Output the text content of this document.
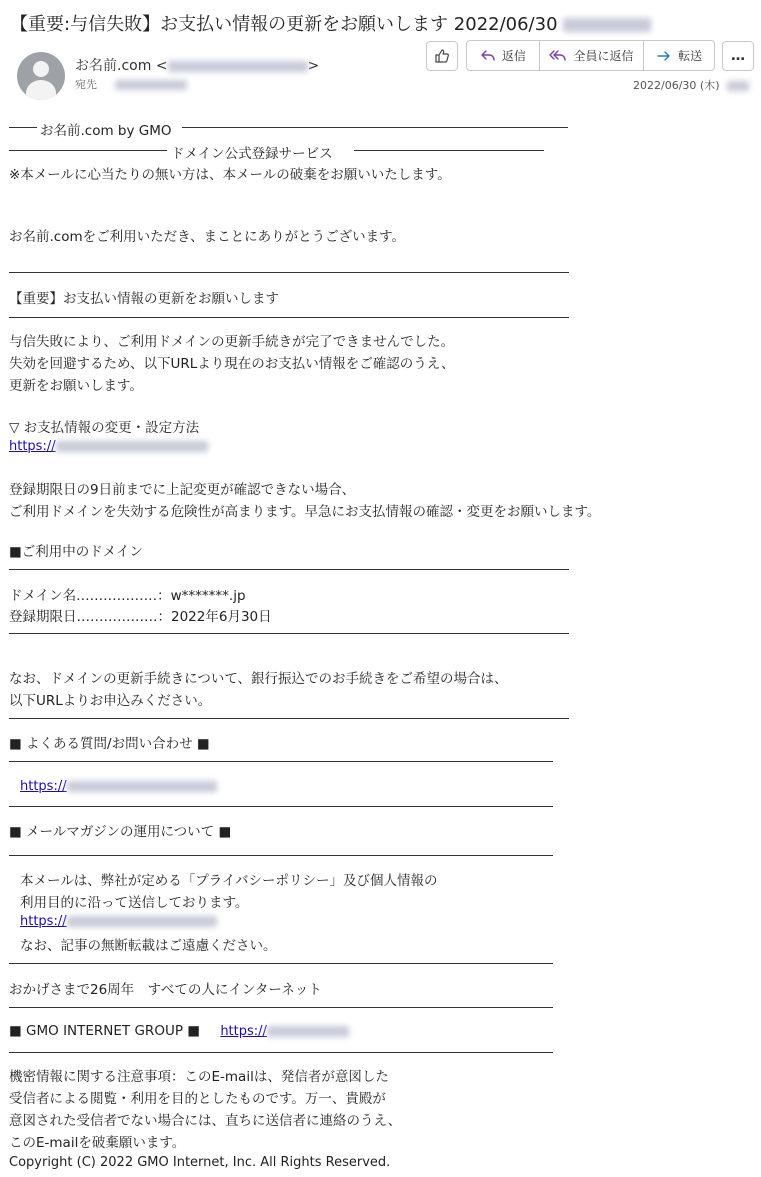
【重要:与信失敗】お支払い情報の更新をお願いします 2022/06/30
お名前.com <	>
宛先
返信	全員に返信	転送 …
2022/06/30 (木)
お名前.com by GMO
ドメイン公式登録サービス
※本メールに心当たりの無い方は、本メールの破棄をお願いいたします。
お名前.comをご利用いただき、まことにありがとうございます。
【重要】お支払い情報の更新をお願いします
与信失敗により、ご利用ドメインの更新手続きが完了できませんでした。
失効を回避するため、以下URLより現在のお支払い情報をご確認のうえ、
更新をお願いします。
▽ お支払情報の変更・設定方法
https://
登録期限日の9日前までに上記変更が確認できない場合、
ご利用ドメインを失効する危険性が高まります。早急にお支払情報の確認・変更をお願いします。
■ご利用中のドメイン
ドメイン名………………：w*******.jp
登録期限日………………：2022年6月30日
なお、ドメインの更新手続きについて、銀行振込でのお手続きをご希望の場合は、
以下URLよりお申込みください。
■ よくある質問/お問い合わせ ■
https://
■ メールマガジンの運用について ■
本メールは、弊社が定める「プライバシーポリシー」及び個人情報の
利用目的に沿って送信しております。
https://
なお、記事の無断転載はご遠慮ください。
おかげさまで26周年　すべての人にインターネット
■ GMO INTERNET GROUP ■ https://
機密情報に関する注意事項：このE-mailは、発信者が意図した
受信者による閲覧・利用を目的としたものです。万一、貴殿が
意図された受信者でない場合には、直ちに送信者に連絡のうえ、
このE-mailを破棄願います。
Copyright (C) 2022 GMO Internet, Inc. All Rights Reserved.
